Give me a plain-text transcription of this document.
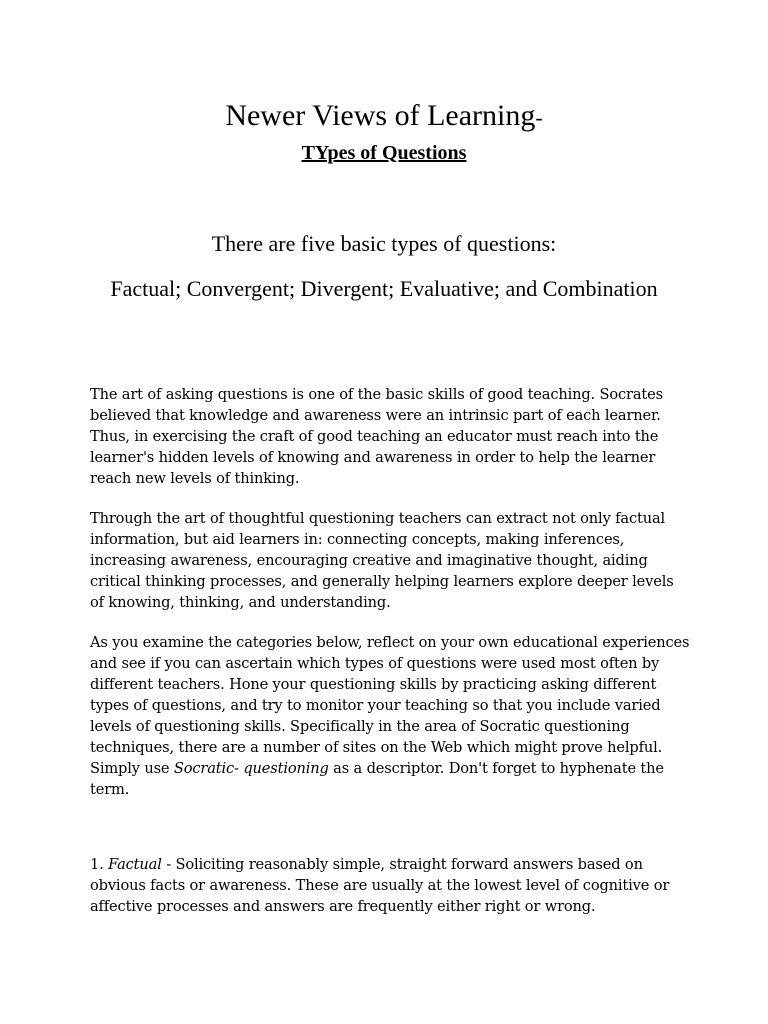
Newer Views of Learning-
TYpes of Questions
There are five basic types of questions:
Factual; Convergent; Divergent; Evaluative; and Combination

The art of asking questions is one of the basic skills of good teaching. Socrates believed that knowledge and awareness were an intrinsic part of each learner. Thus, in exercising the craft of good teaching an educator must reach into the learner's hidden levels of knowing and awareness in order to help the learner reach new levels of thinking.

Through the art of thoughtful questioning teachers can extract not only factual information, but aid learners in: connecting concepts, making inferences, increasing awareness, encouraging creative and imaginative thought, aiding critical thinking processes, and generally helping learners explore deeper levels of knowing, thinking, and understanding.

As you examine the categories below, reflect on your own educational experiences and see if you can ascertain which types of questions were used most often by different teachers. Hone your questioning skills by practicing asking different types of questions, and try to monitor your teaching so that you include varied levels of questioning skills. Specifically in the area of Socratic questioning techniques, there are a number of sites on the Web which might prove helpful. Simply use Socratic- questioning as a descriptor. Don't forget to hyphenate the term.

1. Factual - Soliciting reasonably simple, straight forward answers based on obvious facts or awareness. These are usually at the lowest level of cognitive or affective processes and answers are frequently either right or wrong.
